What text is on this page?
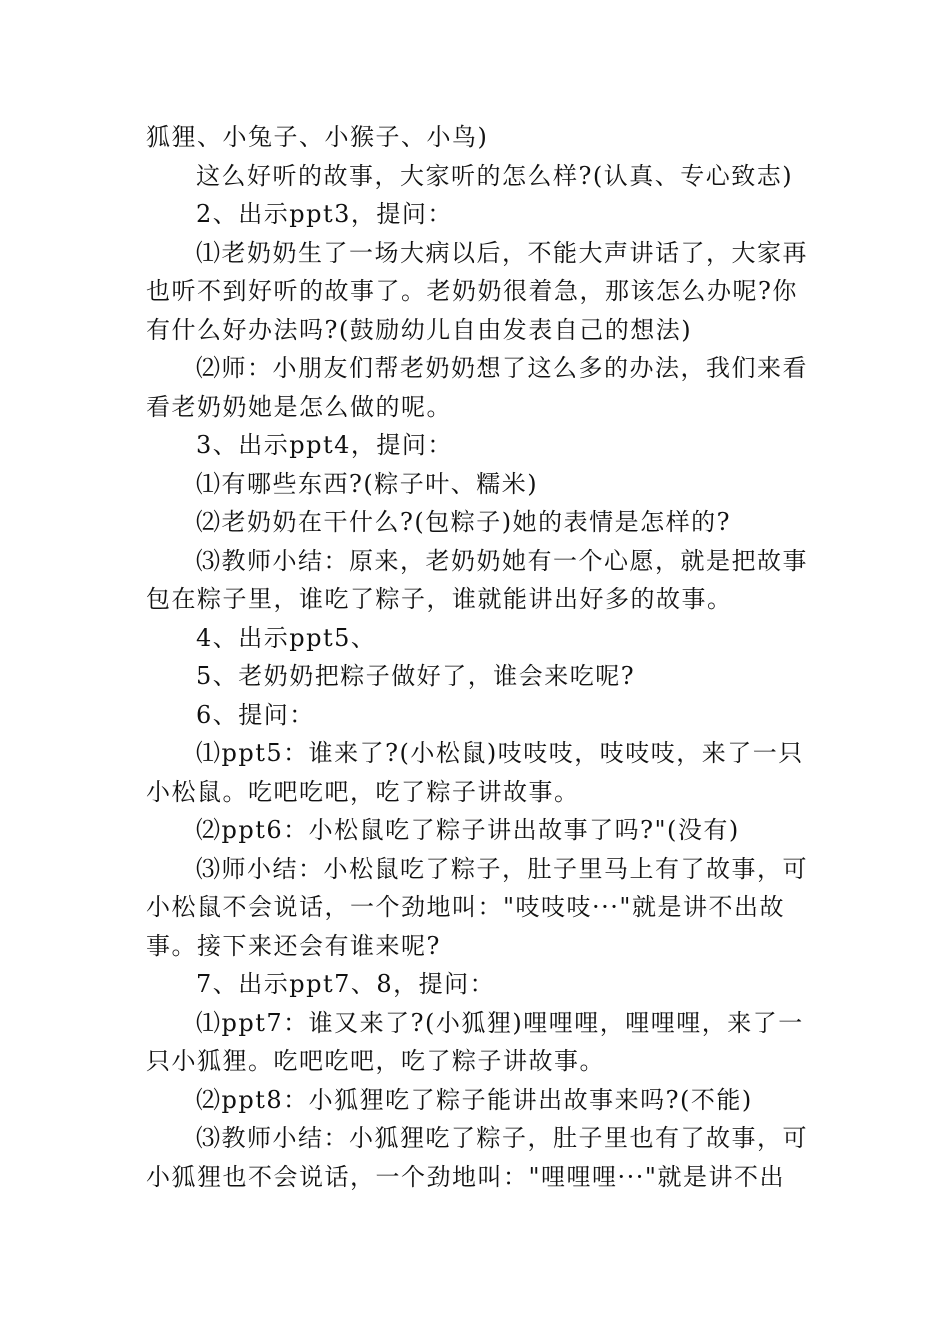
狐狸、小兔子、小猴子、小鸟)

这么好听的故事，大家听的怎么样?(认真、专心致志)

2、出示ppt3，提问：

⑴老奶奶生了一场大病以后，不能大声讲话了，大家再也听不到好听的故事了。老奶奶很着急，那该怎么办呢?你有什么好办法吗?(鼓励幼儿自由发表自己的想法)

⑵师：小朋友们帮老奶奶想了这么多的办法，我们来看看老奶奶她是怎么做的呢。

3、出示ppt4，提问：

⑴有哪些东西?(粽子叶、糯米)

⑵老奶奶在干什么?(包粽子)她的表情是怎样的?

⑶教师小结：原来，老奶奶她有一个心愿，就是把故事包在粽子里，谁吃了粽子，谁就能讲出好多的故事。

4、出示ppt5、

5、老奶奶把粽子做好了，谁会来吃呢?

6、提问：

⑴ppt5：谁来了?(小松鼠)吱吱吱，吱吱吱，来了一只小松鼠。吃吧吃吧，吃了粽子讲故事。

⑵ppt6：小松鼠吃了粽子讲出故事了吗?"(没有)

⑶师小结：小松鼠吃了粽子，肚子里马上有了故事，可小松鼠不会说话，一个劲地叫："吱吱吱···"就是讲不出故事。接下来还会有谁来呢?

7、出示ppt7、8，提问：

⑴ppt7：谁又来了?(小狐狸)哩哩哩，哩哩哩，来了一只小狐狸。吃吧吃吧，吃了粽子讲故事。

⑵ppt8：小狐狸吃了粽子能讲出故事来吗?(不能)

⑶教师小结：小狐狸吃了粽子，肚子里也有了故事，可小狐狸也不会说话，一个劲地叫："哩哩哩···"就是讲不出
